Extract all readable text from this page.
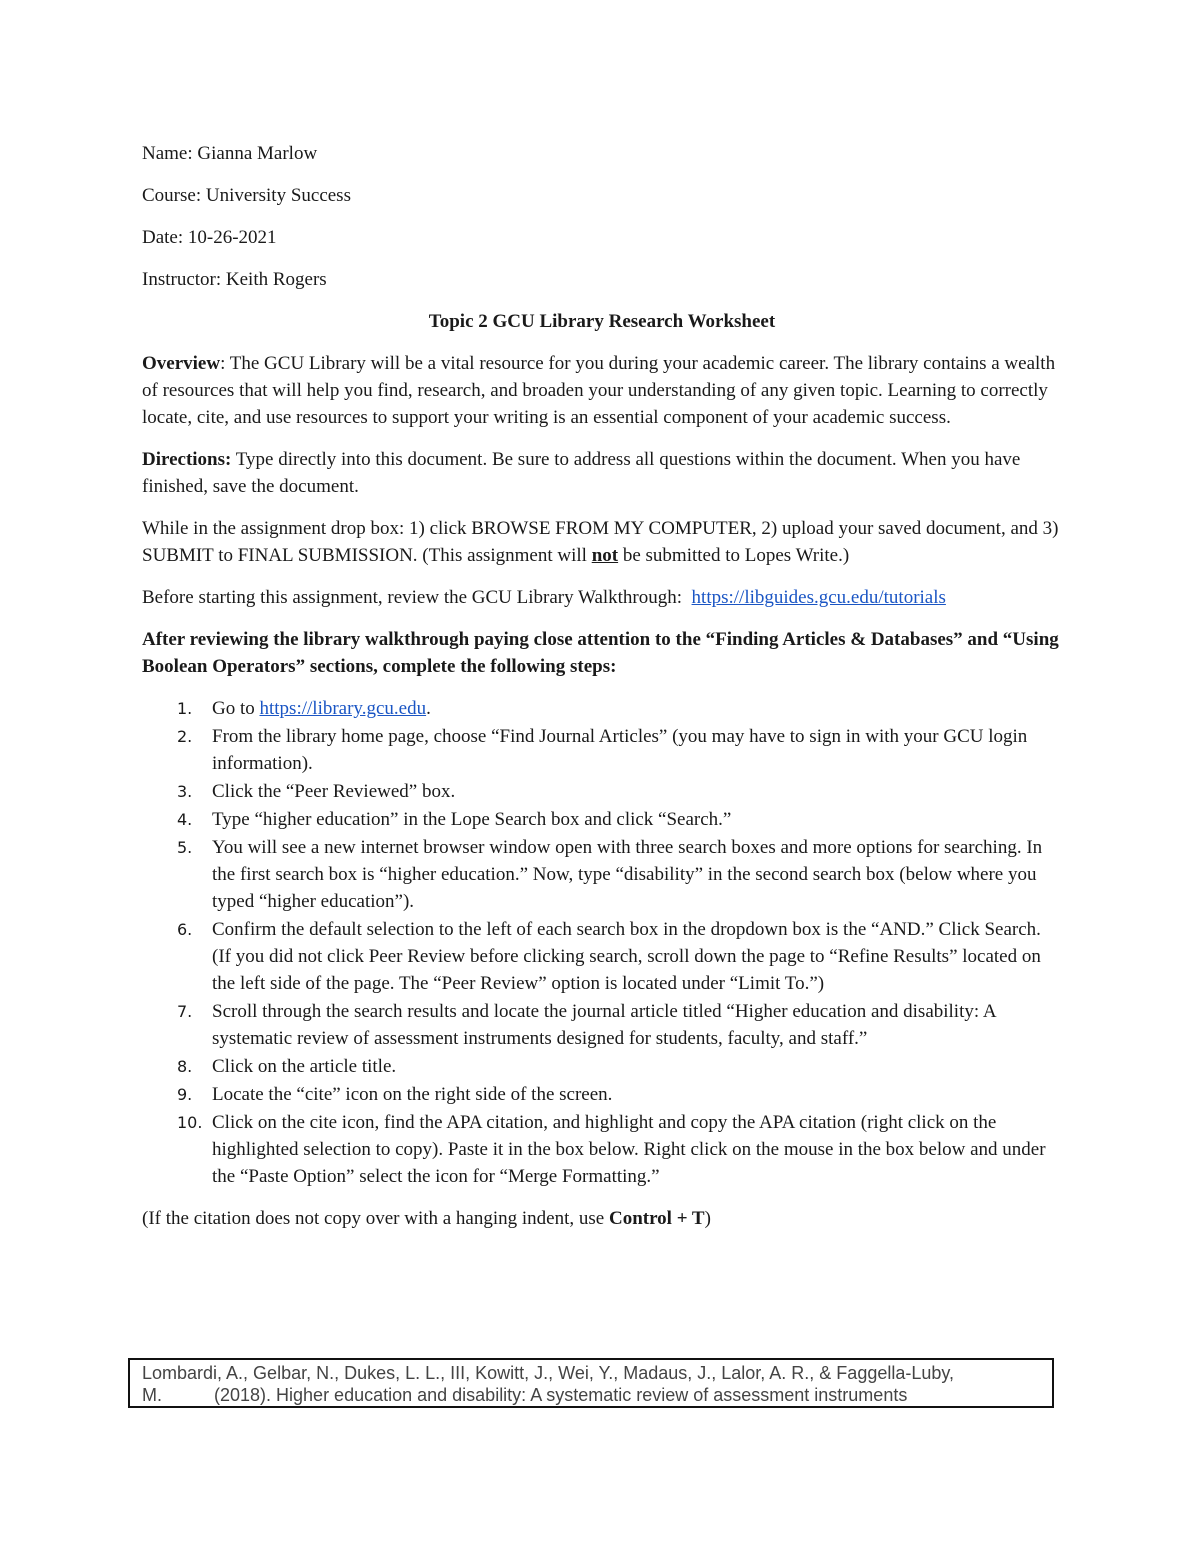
Name: Gianna Marlow

Course: University Success

Date: 10-26-2021

Instructor: Keith Rogers

Topic 2 GCU Library Research Worksheet

Overview: The GCU Library will be a vital resource for you during your academic career. The library contains a wealth of resources that will help you find, research, and broaden your understanding of any given topic. Learning to correctly locate, cite, and use resources to support your writing is an essential component of your academic success.

Directions: Type directly into this document. Be sure to address all questions within the document. When you have finished, save the document.

While in the assignment drop box: 1) click BROWSE FROM MY COMPUTER, 2) upload your saved document, and 3) SUBMIT to FINAL SUBMISSION. (This assignment will not be submitted to Lopes Write.)

Before starting this assignment, review the GCU Library Walkthrough:  https://libguides.gcu.edu/tutorials

After reviewing the library walkthrough paying close attention to the “Finding Articles & Databases” and “Using Boolean Operators” sections, complete the following steps:

1.	Go to https://library.gcu.edu.
2.	From the library home page, choose “Find Journal Articles” (you may have to sign in with your GCU login information).
3.	Click the “Peer Reviewed” box.
4.	Type “higher education” in the Lope Search box and click “Search.”
5.	You will see a new internet browser window open with three search boxes and more options for searching. In the first search box is “higher education.” Now, type “disability” in the second search box (below where you typed “higher education”).
6.	Confirm the default selection to the left of each search box in the dropdown box is the “AND.” Click Search. (If you did not click Peer Review before clicking search, scroll down the page to “Refine Results” located on the left side of the page. The “Peer Review” option is located under “Limit To.”)
7.	Scroll through the search results and locate the journal article titled “Higher education and disability: A systematic review of assessment instruments designed for students, faculty, and staff.”
8.	Click on the article title.
9.	Locate the “cite” icon on the right side of the screen.
10. Click on the cite icon, find the APA citation, and highlight and copy the APA citation (right click on the highlighted selection to copy). Paste it in the box below. Right click on the mouse in the box below and under the “Paste Option” select the icon for “Merge Formatting.”

(If the citation does not copy over with a hanging indent, use Control + T)

Lombardi, A., Gelbar, N., Dukes, L. L., III, Kowitt, J., Wei, Y., Madaus, J., Lalor, A. R., & Faggella-Luby,
M.	(2018). Higher education and disability: A systematic review of assessment instruments
